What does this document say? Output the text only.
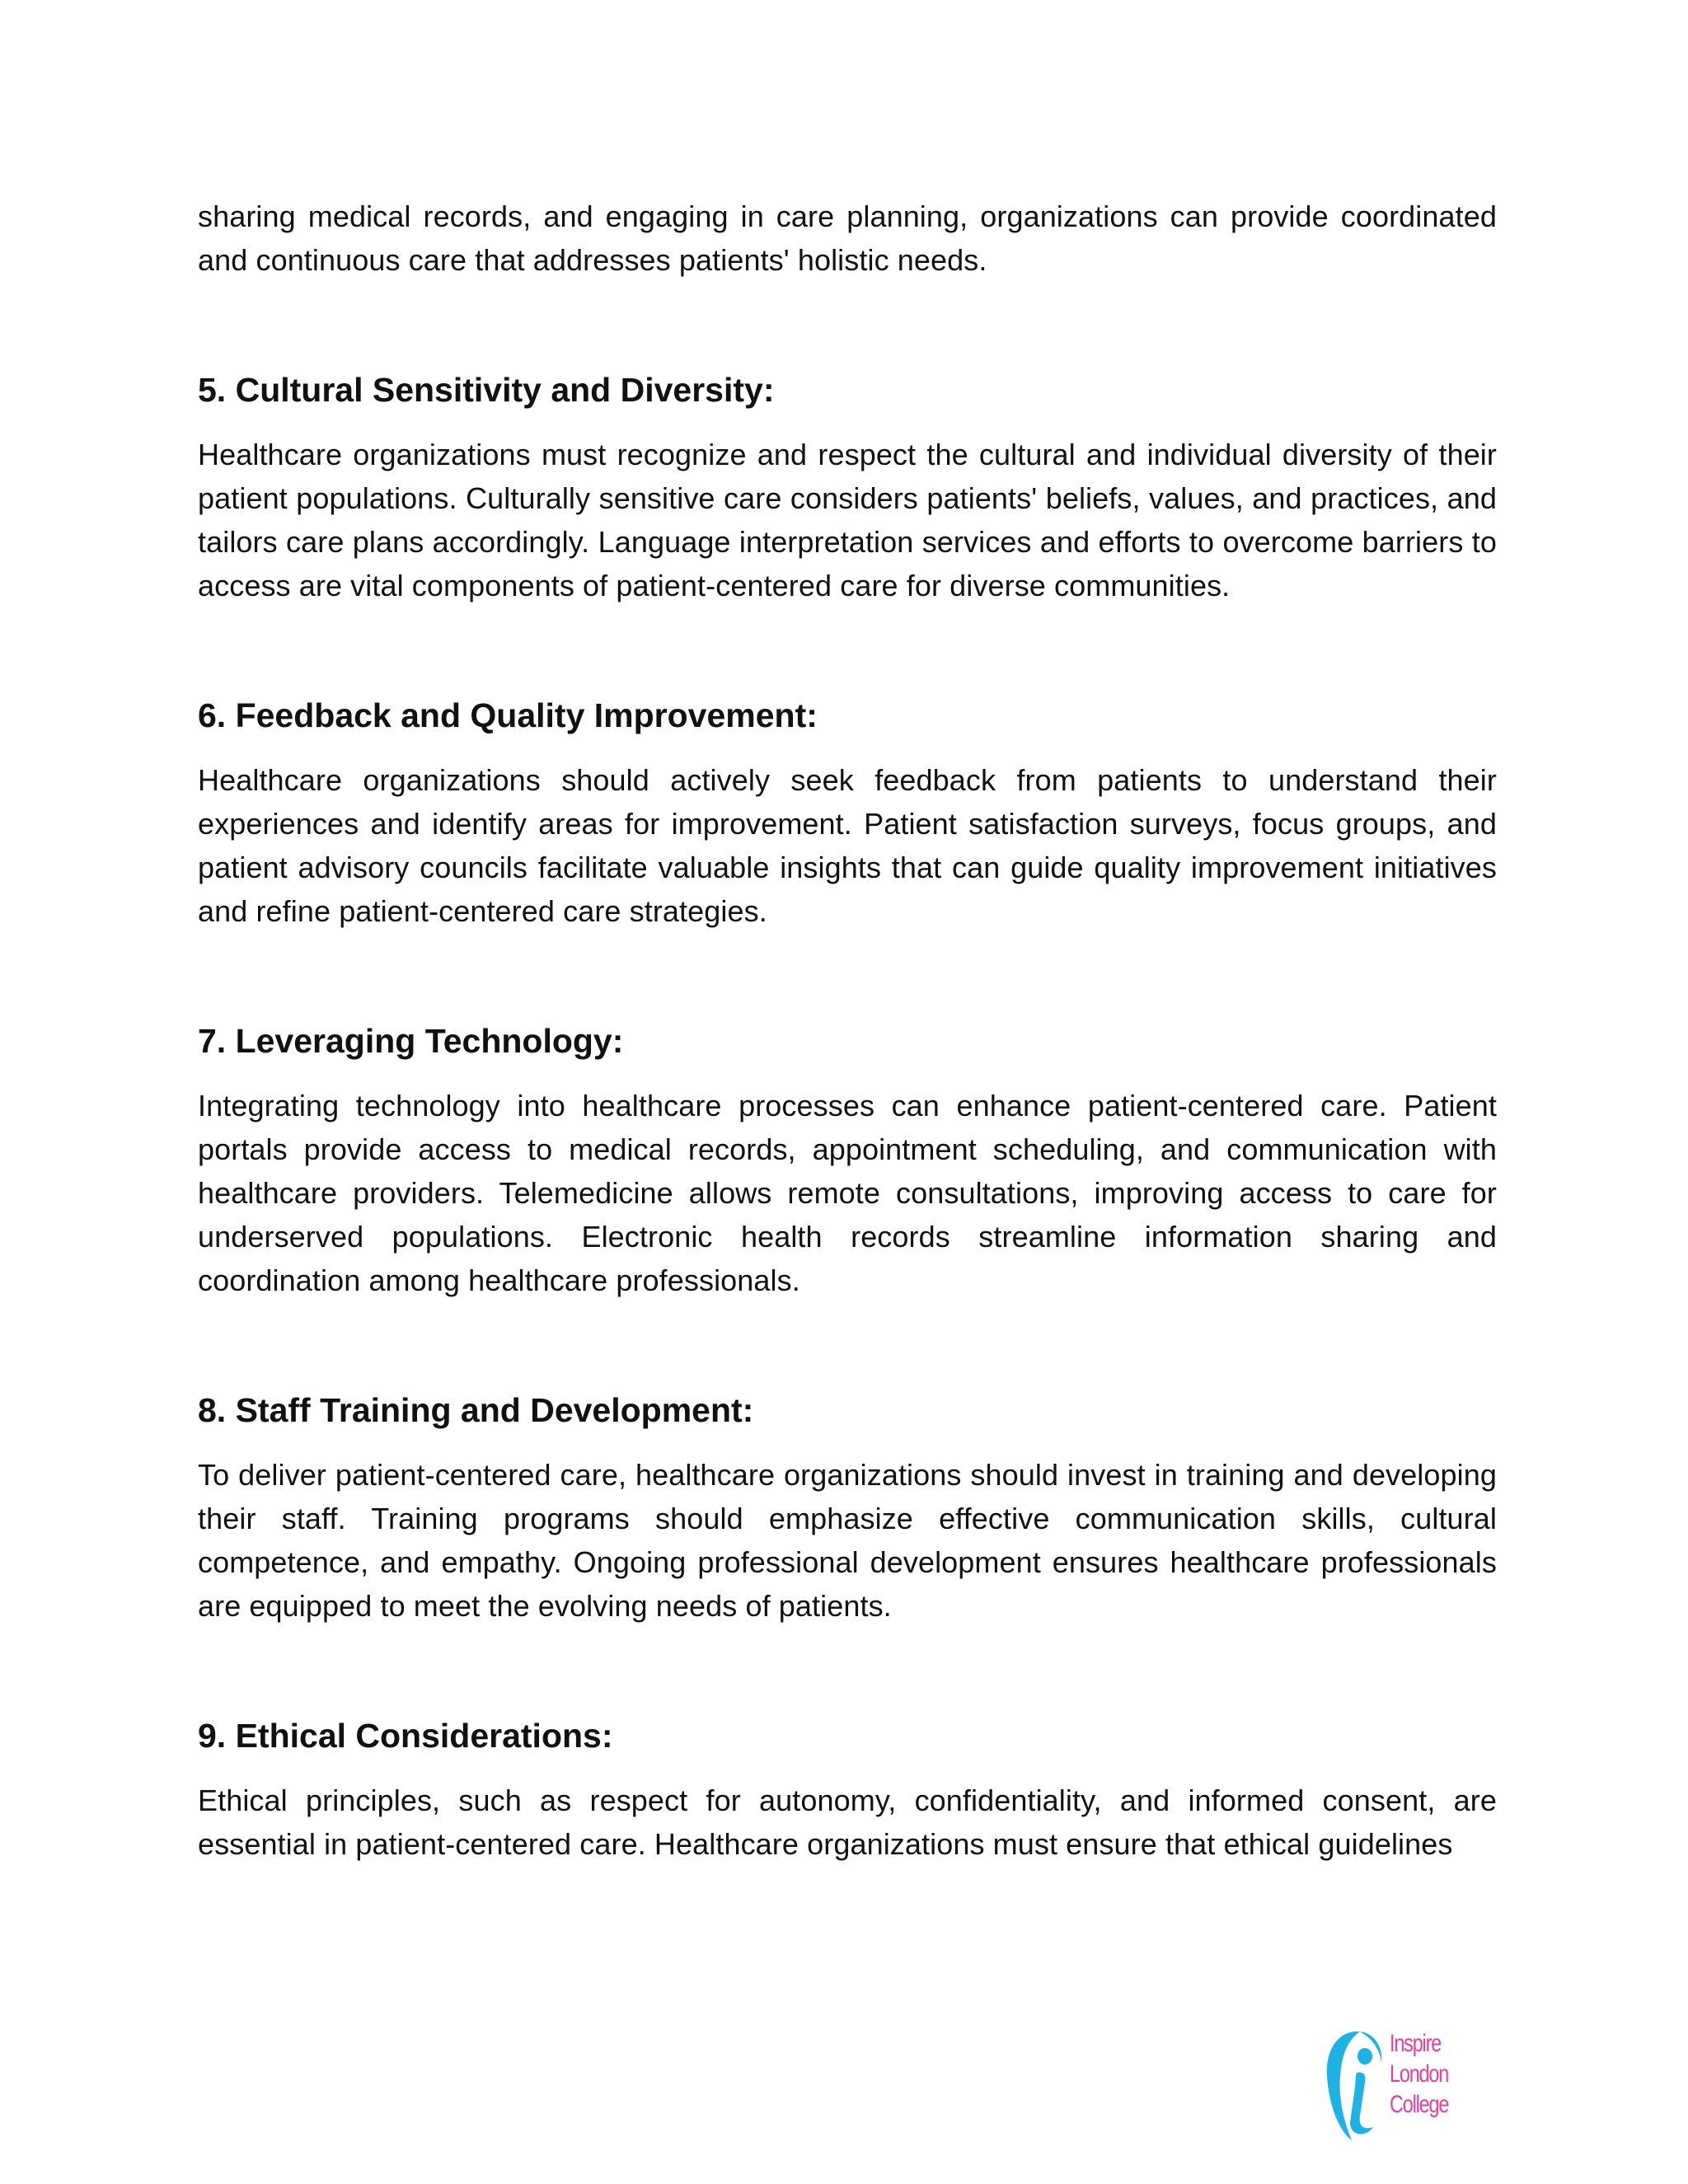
sharing medical records, and engaging in care planning, organizations can provide coordinated and continuous care that addresses patients' holistic needs.

5. Cultural Sensitivity and Diversity:

Healthcare organizations must recognize and respect the cultural and individual diversity of their patient populations. Culturally sensitive care considers patients' beliefs, values, and practices, and tailors care plans accordingly. Language interpretation services and efforts to overcome barriers to access are vital components of patient-centered care for diverse communities.

6. Feedback and Quality Improvement:

Healthcare organizations should actively seek feedback from patients to understand their experiences and identify areas for improvement. Patient satisfaction surveys, focus groups, and patient advisory councils facilitate valuable insights that can guide quality improvement initiatives and refine patient-centered care strategies.

7. Leveraging Technology:

Integrating technology into healthcare processes can enhance patient-centered care. Patient portals provide access to medical records, appointment scheduling, and communication with healthcare providers. Telemedicine allows remote consultations, improving access to care for underserved populations. Electronic health records streamline information sharing and coordination among healthcare professionals.

8. Staff Training and Development:

To deliver patient-centered care, healthcare organizations should invest in training and developing their staff. Training programs should emphasize effective communication skills, cultural competence, and empathy. Ongoing professional development ensures healthcare professionals are equipped to meet the evolving needs of patients.

9. Ethical Considerations:

Ethical principles, such as respect for autonomy, confidentiality, and informed consent, are essential in patient-centered care. Healthcare organizations must ensure that ethical guidelines

Inspire
London
College
